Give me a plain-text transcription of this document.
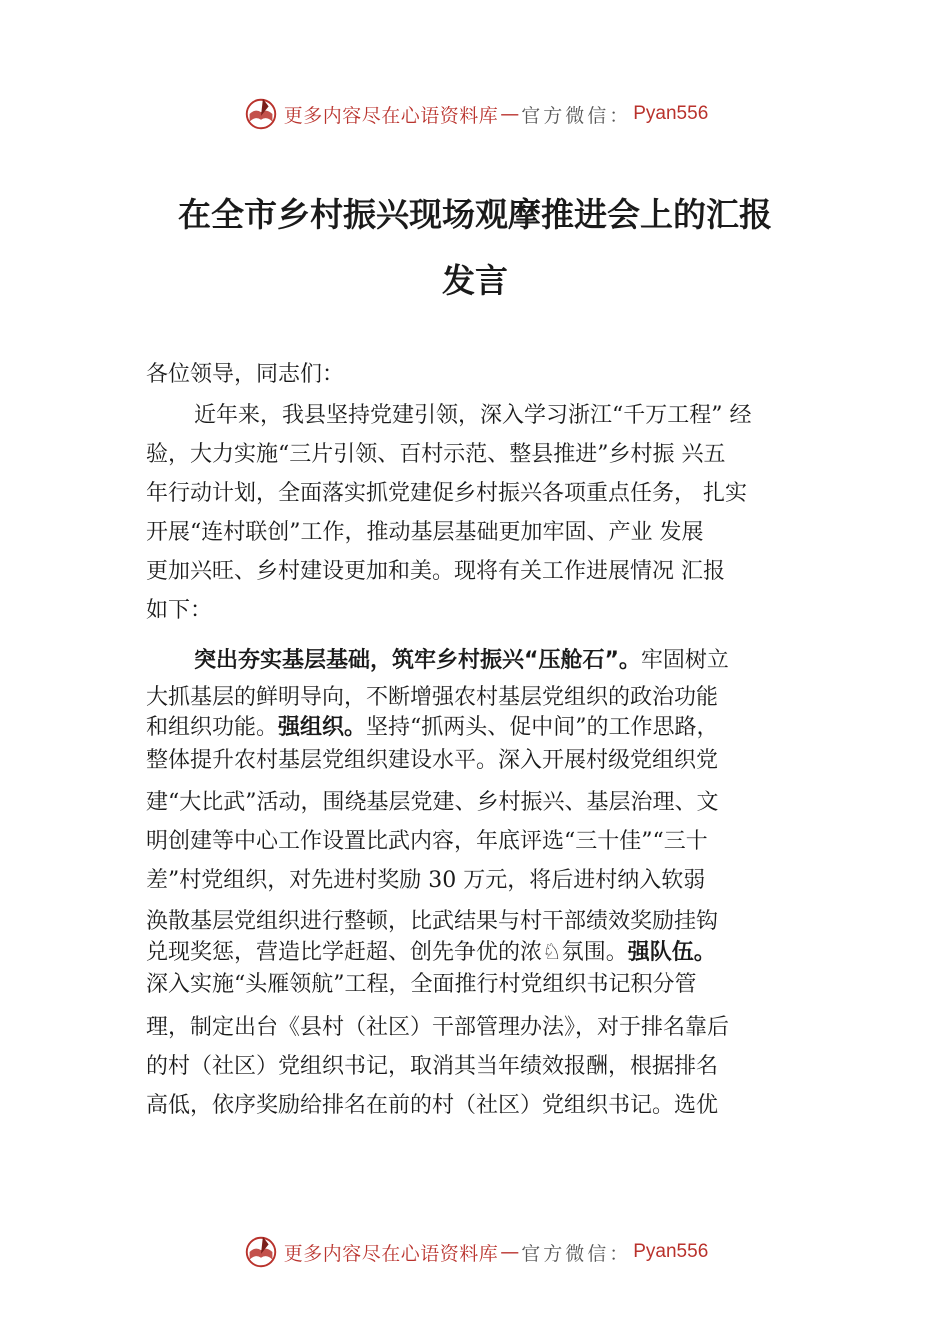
更多内容尽在心语资料库 — 官方微信： Pyan556
在全市乡村振兴现场观摩推进会上的汇报
发言
各位领导，同志们：
近年来，我县坚持党建引领，深入学习浙江“千万工程” 经
验，大力实施“三片引领、百村示范、整县推进”乡村振 兴五
年行动计划，全面落实抓党建促乡村振兴各项重点任务， 扎实
开展“连村联创”工作，推动基层基础更加牢固、产业 发展
更加兴旺、乡村建设更加和美。现将有关工作进展情况 汇报
如下：
突出夯实基层基础，筑牢乡村振兴“压舱石”。牢固树立
大抓基层的鲜明导向，不断增强农村基层党组织的政治功能
和组织功能。强组织。坚持“抓两头、促中间”的工作思路，
整体提升农村基层党组织建设水平。深入开展村级党组织党
建“大比武”活动，围绕基层党建、乡村振兴、基层治理、文
明创建等中心工作设置比武内容，年底评选“三十佳”“三十
差”村党组织，对先进村奖励 30 万元，将后进村纳入软弱
涣散基层党组织进行整顿，比武结果与村干部绩效奖励挂钩
兑现奖惩，营造比学赶超、创先争优的浓♘氛围。强队伍。
深入实施“头雁领航”工程，全面推行村党组织书记积分管
理，制定出台《县村（社区）干部管理办法》，对于排名靠后
的村（社区）党组织书记，取消其当年绩效报酬，根据排名
高低，依序奖励给排名在前的村（社区）党组织书记。选优
更多内容尽在心语资料库 — 官方微信： Pyan556
